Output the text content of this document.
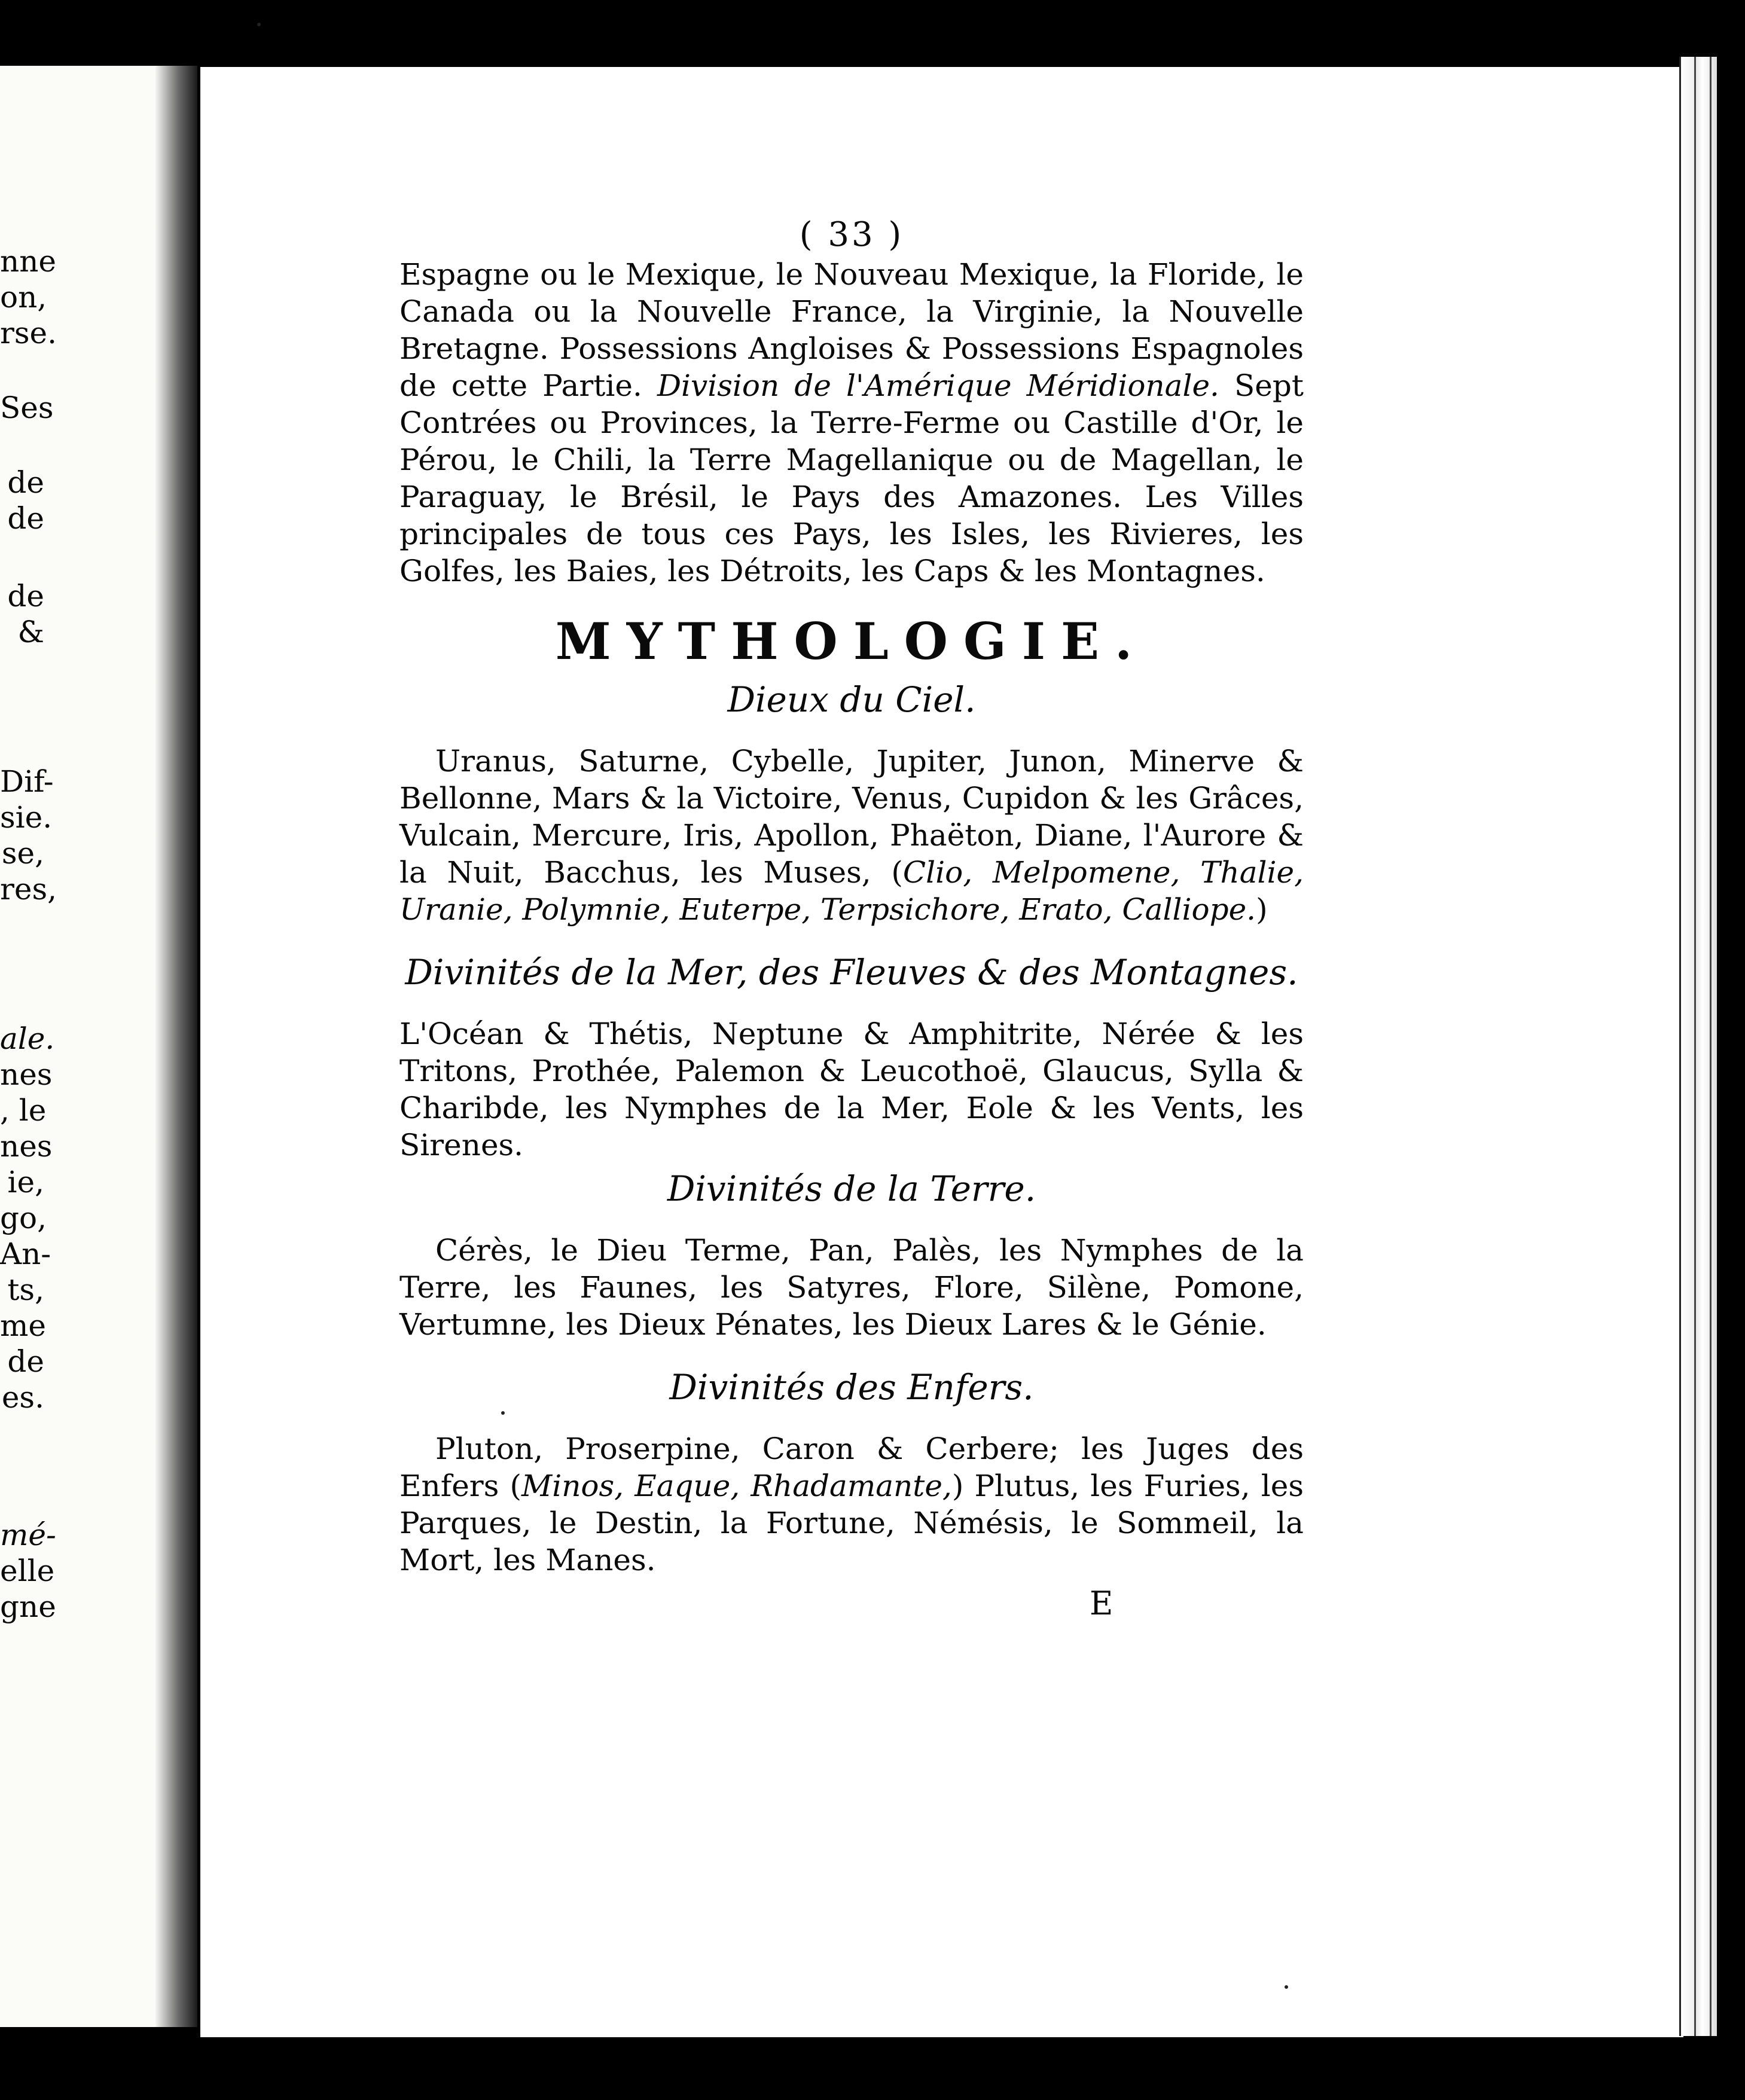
nne
on,
rse.
Ses
de
de
de
&
Dif-
sie.
se,
res,
ale.
nes
, le
nes
ie,
go,
An-
ts,
me
de
es.
mé-
elle
gne
( 33 )

Espagne ou le Mexique, le Nouveau Mexique, la Floride, le Canada ou la Nouvelle France, la Virginie, la Nouvelle Bretagne. Possessions Angloises & Possessions Espagnoles de cette Partie. Division de l'Amérique Méridionale. Sept Contrées ou Provinces, la Terre-Ferme ou Castille d'Or, le Pérou, le Chili, la Terre Magellanique ou de Magellan, le Paraguay, le Brésil, le Pays des Amazones. Les Villes principales de tous ces Pays, les Isles, les Rivieres, les Golfes, les Baies, les Détroits, les Caps & les Montagnes.

MYTHOLOGIE.
Dieux du Ciel.

Uranus, Saturne, Cybelle, Jupiter, Junon, Minerve & Bellonne, Mars & la Victoire, Venus, Cupidon & les Grâces, Vulcain, Mercure, Iris, Apollon, Phaëton, Diane, l'Aurore & la Nuit, Bacchus, les Muses, (Clio, Melpomene, Thalie, Uranie, Polymnie, Euterpe, Terpsichore, Erato, Calliope.)

Divinités de la Mer, des Fleuves & des Montagnes.

L'Océan & Thétis, Neptune & Amphitrite, Nérée & les Tritons, Prothée, Palemon & Leucothoë, Glaucus, Sylla & Charibde, les Nymphes de la Mer, Eole & les Vents, les Sirenes.

Divinités de la Terre.

Cérès, le Dieu Terme, Pan, Palès, les Nymphes de la Terre, les Faunes, les Satyres, Flore, Silène, Pomone, Vertumne, les Dieux Pénates, les Dieux Lares & le Génie.

Divinités des Enfers.

Pluton, Proserpine, Caron & Cerbere; les Juges des Enfers (Minos, Eaque, Rhadamante,) Plutus, les Furies, les Parques, le Destin, la Fortune, Némésis, le Sommeil, la Mort, les Manes.

E
